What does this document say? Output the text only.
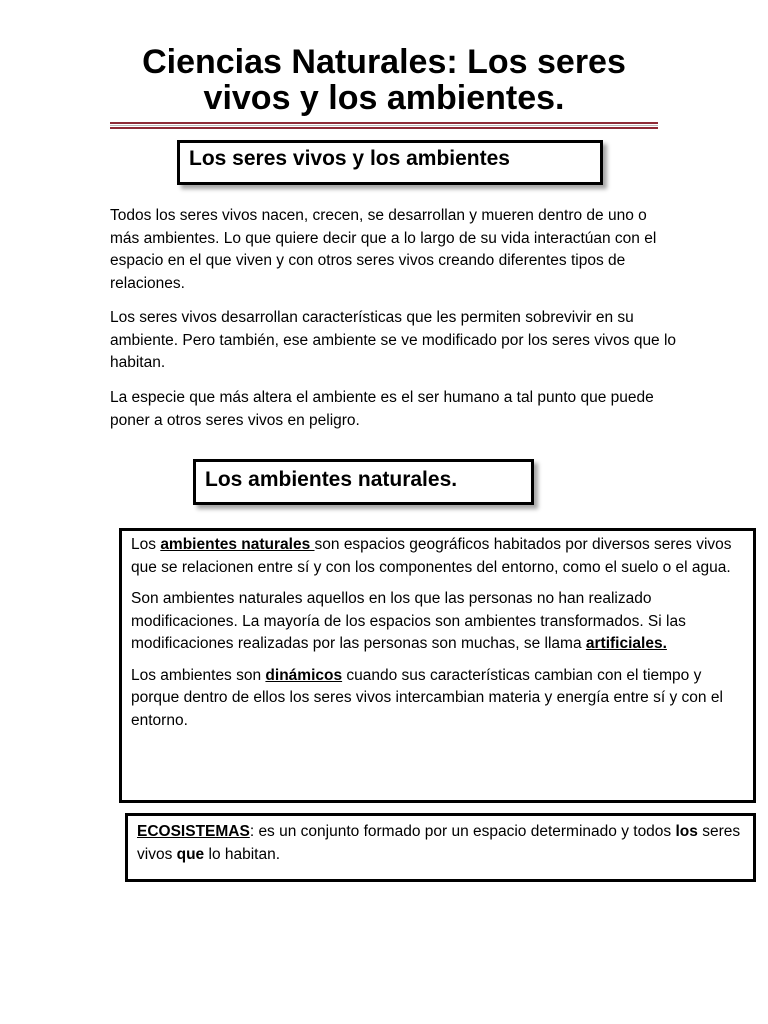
Ciencias Naturales: Los seres
vivos y los ambientes.
Los seres vivos y los ambientes

Todos los seres vivos nacen, crecen, se desarrollan y mueren dentro de uno o más ambientes. Lo que quiere decir que a lo largo de su vida interactúan con el espacio en el que viven y con otros seres vivos creando diferentes tipos de relaciones.

Los seres vivos desarrollan características que les permiten sobrevivir en su ambiente. Pero también, ese ambiente se ve modificado por los seres vivos que lo habitan.

La especie que más altera el ambiente es el ser humano a tal punto que puede poner a otros seres vivos en peligro.

Los ambientes naturales.

Los ambientes naturales son espacios geográficos habitados por diversos seres vivos que se relacionen entre sí y con los componentes del entorno, como el suelo o el agua.

Son ambientes naturales aquellos en los que las personas no han realizado modificaciones. La mayoría de los espacios son ambientes transformados. Si las modificaciones realizadas por las personas son muchas, se llama artificiales.

Los ambientes son dinámicos cuando sus características cambian con el tiempo y porque dentro de ellos los seres vivos intercambian materia y energía entre sí y con el entorno.

ECOSISTEMAS: es un conjunto formado por un espacio determinado y todos los seres vivos que lo habitan.
